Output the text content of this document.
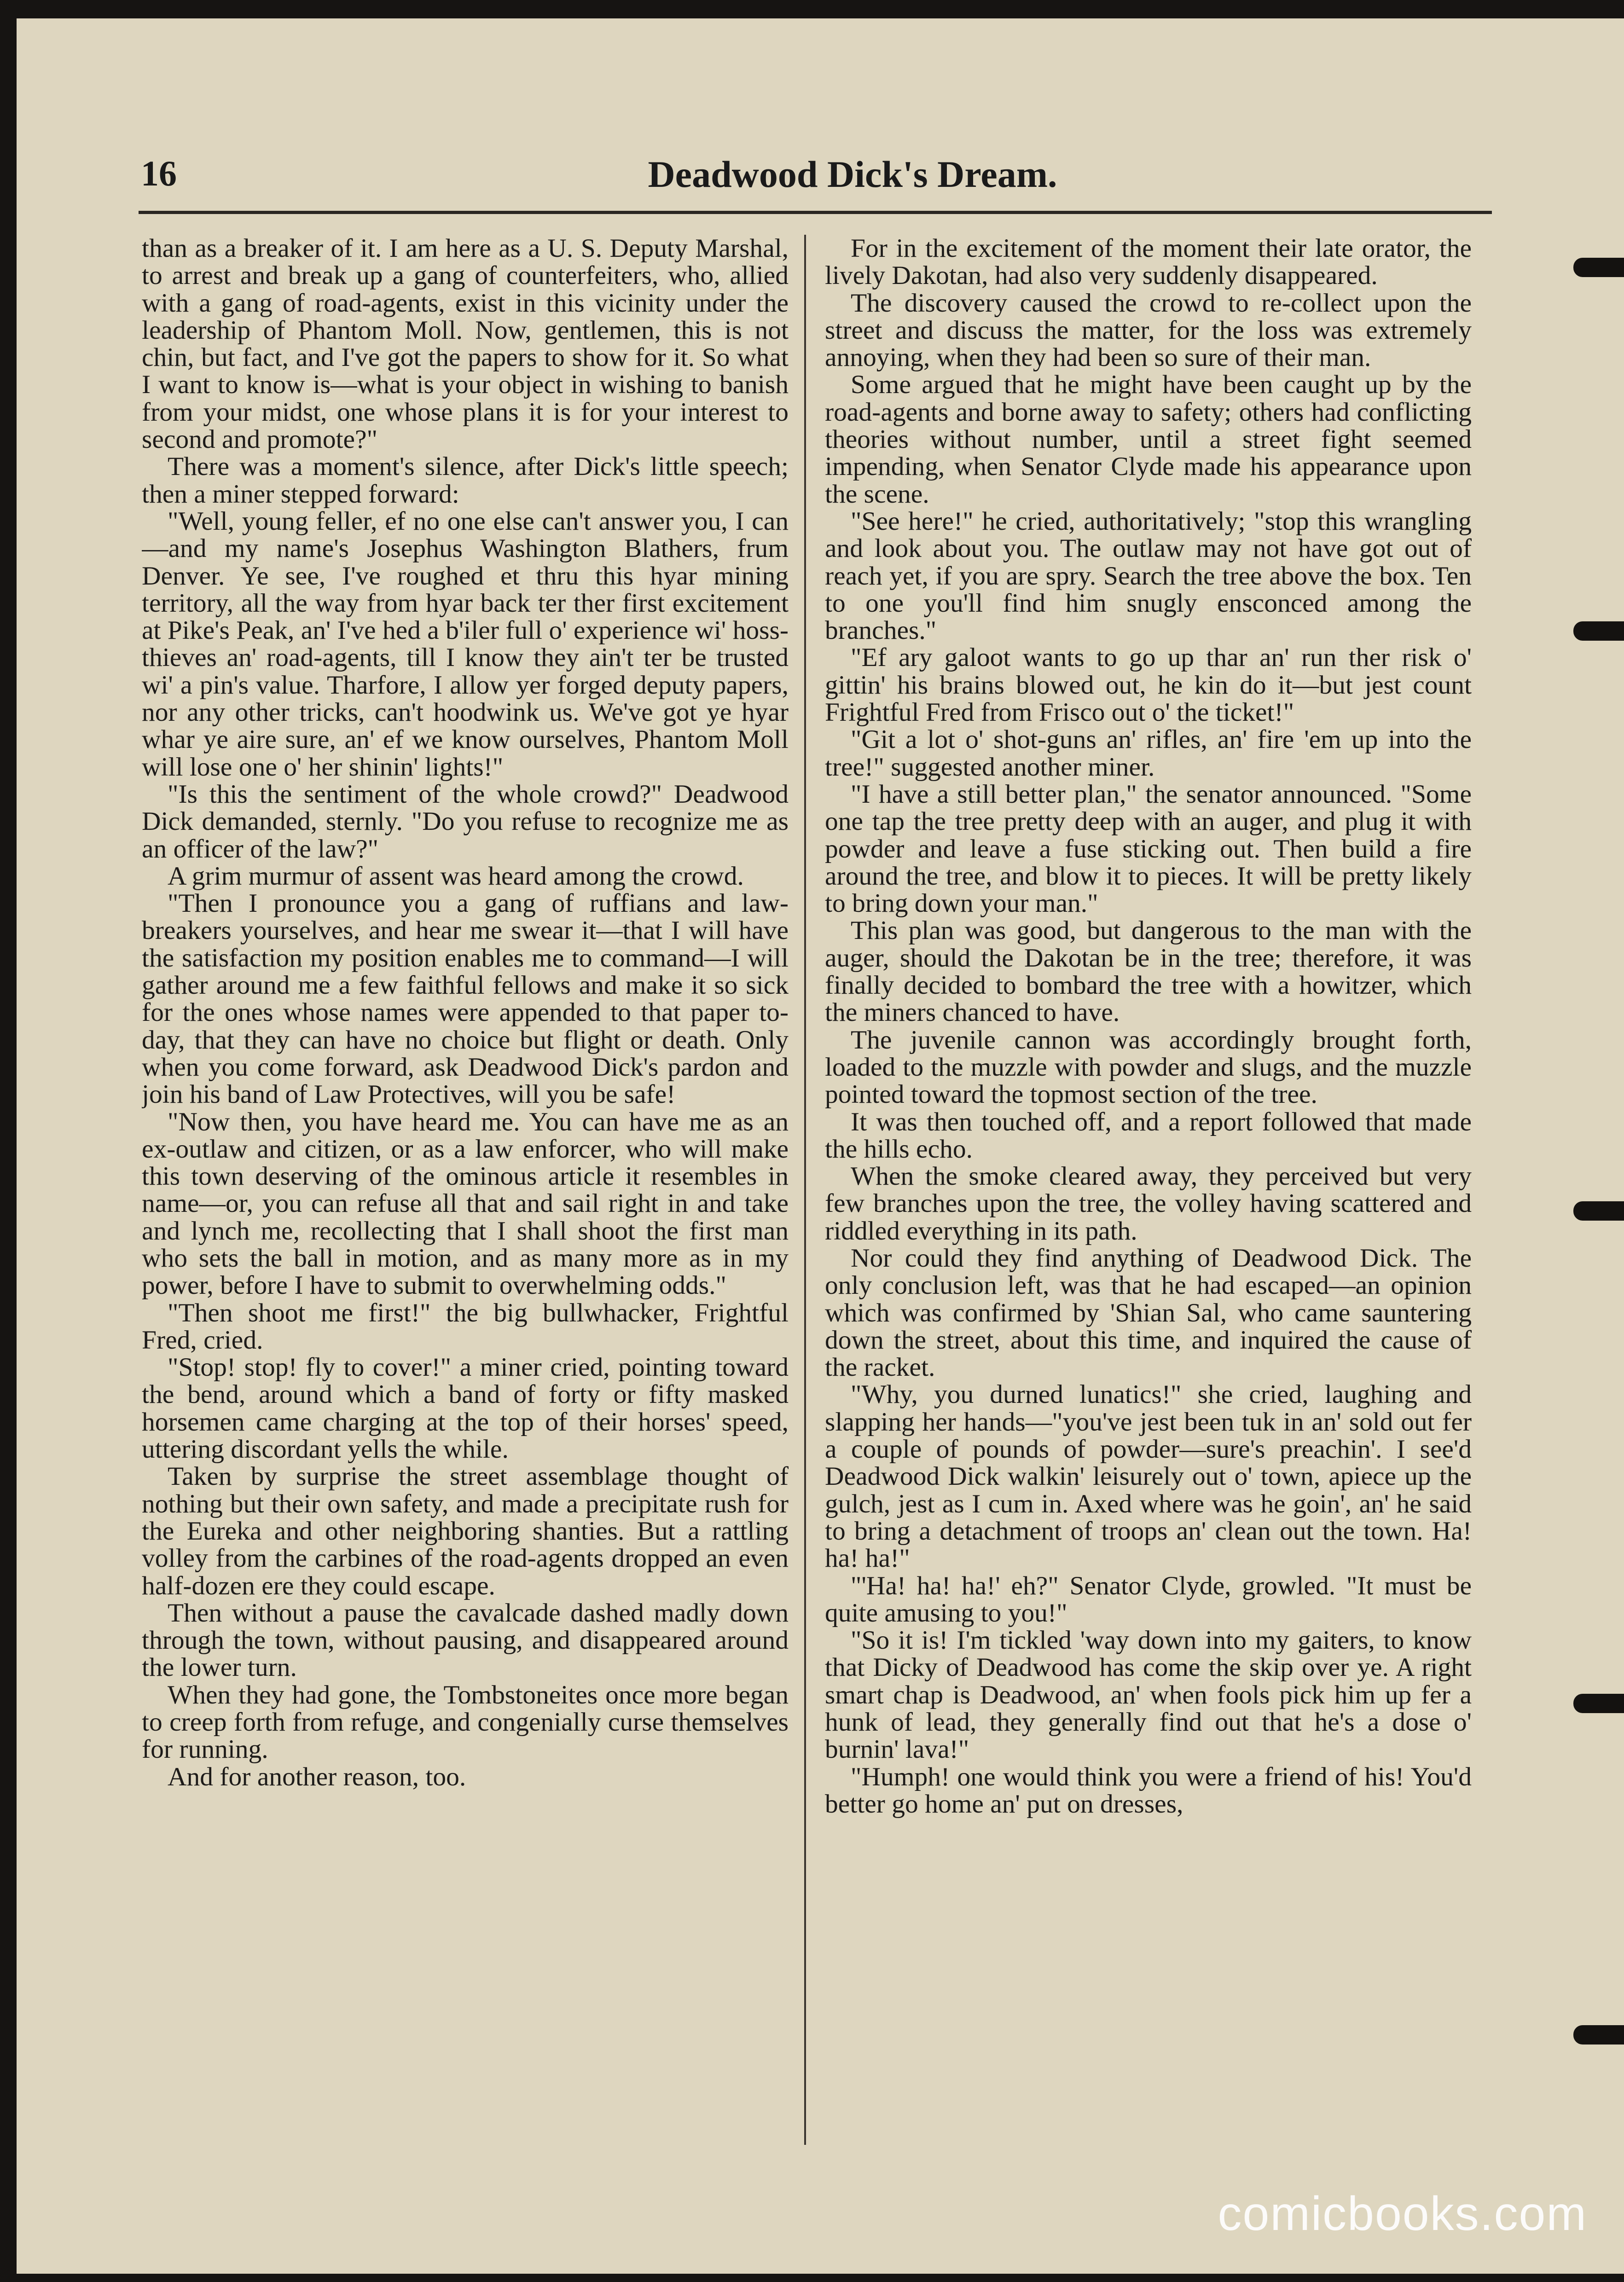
16	Deadwood Dick's Dream.

than as a breaker of it. I am here as a U. S. Deputy Marshal, to arrest and break up a gang of counterfeiters, who, allied with a gang of road-agents, exist in this vicinity under the leadership of Phantom Moll. Now, gentlemen, this is not chin, but fact, and I've got the papers to show for it. So what I want to know is—what is your object in wishing to banish from your midst, one whose plans it is for your interest to second and promote?"

There was a moment's silence, after Dick's little speech; then a miner stepped forward:

"Well, young feller, ef no one else can't answer you, I can—and my name's Josephus Washington Blathers, frum Denver. Ye see, I've roughed et thru this hyar mining territory, all the way from hyar back ter ther first excitement at Pike's Peak, an' I've hed a b'iler full o' experience wi' hoss-thieves an' road-agents, till I know they ain't ter be trusted wi' a pin's value. Tharfore, I allow yer forged deputy papers, nor any other tricks, can't hoodwink us. We've got ye hyar whar ye aire sure, an' ef we know ourselves, Phantom Moll will lose one o' her shinin' lights!"

"Is this the sentiment of the whole crowd?" Deadwood Dick demanded, sternly. "Do you refuse to recognize me as an officer of the law?"

A grim murmur of assent was heard among the crowd.

"Then I pronounce you a gang of ruffians and law-breakers yourselves, and hear me swear it—that I will have the satisfaction my position enables me to command—I will gather around me a few faithful fellows and make it so sick for the ones whose names were appended to that paper to-day, that they can have no choice but flight or death. Only when you come forward, ask Deadwood Dick's pardon and join his band of Law Protectives, will you be safe!

"Now then, you have heard me. You can have me as an ex-outlaw and citizen, or as a law enforcer, who will make this town deserving of the ominous article it resembles in name—or, you can refuse all that and sail right in and take and lynch me, recollecting that I shall shoot the first man who sets the ball in motion, and as many more as in my power, before I have to submit to overwhelming odds."

"Then shoot me first!" the big bullwhacker, Frightful Fred, cried.

"Stop! stop! fly to cover!" a miner cried, pointing toward the bend, around which a band of forty or fifty masked horsemen came charging at the top of their horses' speed, uttering discordant yells the while.

Taken by surprise the street assemblage thought of nothing but their own safety, and made a precipitate rush for the Eureka and other neighboring shanties. But a rattling volley from the carbines of the road-agents dropped an even half-dozen ere they could escape.

Then without a pause the cavalcade dashed madly down through the town, without pausing, and disappeared around the lower turn.

When they had gone, the Tombstoneites once more began to creep forth from refuge, and congenially curse themselves for running.

And for another reason, too.

For in the excitement of the moment their late orator, the lively Dakotan, had also very suddenly disappeared.

The discovery caused the crowd to re-collect upon the street and discuss the matter, for the loss was extremely annoying, when they had been so sure of their man.

Some argued that he might have been caught up by the road-agents and borne away to safety; others had conflicting theories without number, until a street fight seemed impending, when Senator Clyde made his appearance upon the scene.

"See here!" he cried, authoritatively; "stop this wrangling and look about you. The outlaw may not have got out of reach yet, if you are spry. Search the tree above the box. Ten to one you'll find him snugly ensconced among the branches."

"Ef ary galoot wants to go up thar an' run ther risk o' gittin' his brains blowed out, he kin do it—but jest count Frightful Fred from Frisco out o' the ticket!"

"Git a lot o' shot-guns an' rifles, an' fire 'em up into the tree!" suggested another miner.

"I have a still better plan," the senator announced. "Some one tap the tree pretty deep with an auger, and plug it with powder and leave a fuse sticking out. Then build a fire around the tree, and blow it to pieces. It will be pretty likely to bring down your man."

This plan was good, but dangerous to the man with the auger, should the Dakotan be in the tree; therefore, it was finally decided to bombard the tree with a howitzer, which the miners chanced to have.

The juvenile cannon was accordingly brought forth, loaded to the muzzle with powder and slugs, and the muzzle pointed toward the topmost section of the tree.

It was then touched off, and a report followed that made the hills echo.

When the smoke cleared away, they perceived but very few branches upon the tree, the volley having scattered and riddled everything in its path.

Nor could they find anything of Deadwood Dick. The only conclusion left, was that he had escaped—an opinion which was confirmed by 'Shian Sal, who came sauntering down the street, about this time, and inquired the cause of the racket.

"Why, you durned lunatics!" she cried, laughing and slapping her hands—"you've jest been tuk in an' sold out fer a couple of pounds of powder—sure's preachin'. I see'd Deadwood Dick walkin' leisurely out o' town, apiece up the gulch, jest as I cum in. Axed where was he goin', an' he said to bring a detachment of troops an' clean out the town. Ha! ha! ha!"

"'Ha! ha! ha!' eh?" Senator Clyde, growled. "It must be quite amusing to you!"

"So it is! I'm tickled 'way down into my gaiters, to know that Dicky of Deadwood has come the skip over ye. A right smart chap is Deadwood, an' when fools pick him up fer a hunk of lead, they generally find out that he's a dose o' burnin' lava!"

"Humph! one would think you were a friend of his! You'd better go home an' put on dresses,

comicbooks.com
